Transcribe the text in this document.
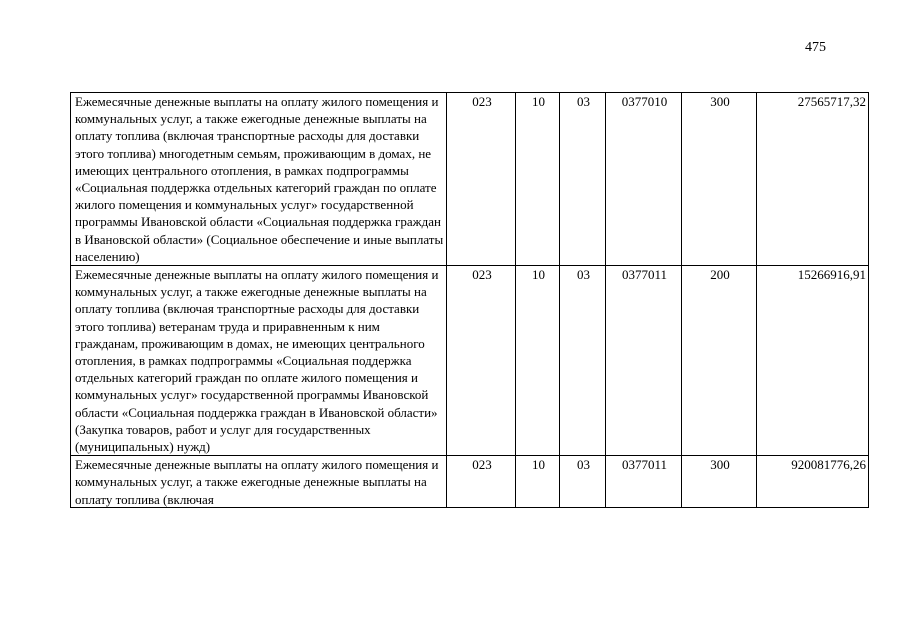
475
Ежемесячные денежные выплаты на оплату жилого помещения и коммунальных услуг, а также ежегодные денежные выплаты на оплату топлива (включая транспортные расходы для доставки этого топлива) многодетным семьям, проживающим в домах, не имеющих центрального отопления, в рамках подпрограммы «Социальная поддержка отдельных категорий граждан по оплате жилого помещения и коммунальных услуг» государственной программы Ивановской области «Социальная поддержка граждан в Ивановской области» (Социальное обеспечение и иные выплаты населению)	023	10	03	0377010	300	27565717,32
Ежемесячные денежные выплаты на оплату жилого помещения и коммунальных услуг, а также ежегодные денежные выплаты на оплату топлива (включая транспортные расходы для доставки этого топлива) ветеранам труда и приравненным к ним гражданам, проживающим в домах, не имеющих центрального отопления, в рамках подпрограммы «Социальная поддержка отдельных категорий граждан по оплате жилого помещения и коммунальных услуг» государственной программы Ивановской области «Социальная поддержка граждан в Ивановской области» (Закупка товаров, работ и услуг для государственных (муниципальных) нужд)	023	10	03	0377011	200	15266916,91

Ежемесячные денежные выплаты на оплату жилого помещения и коммунальных услуг, а также ежегодные денежные выплаты на оплату топлива (включая	023	10	03	0377011	300	920081776,26
